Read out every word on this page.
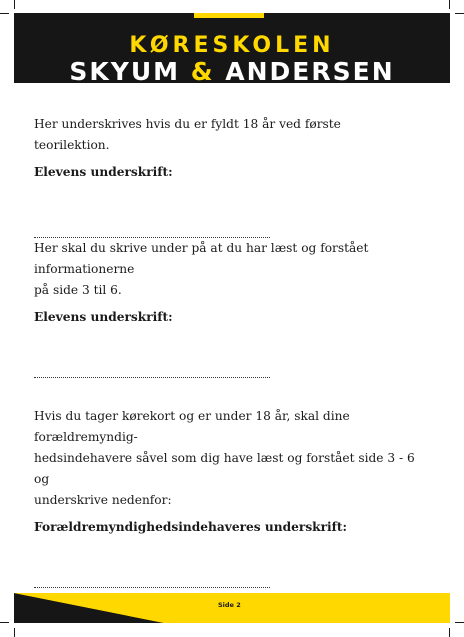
KØRESKOLEN
SKYUM & ANDERSEN

Her underskrives hvis du er fyldt 18 år ved første teorilektion.

Elevens underskrift:

Her skal du skrive under på at du har læst og forstået informationerne

på side 3 til 6.

Elevens underskrift:

Hvis du tager kørekort og er under 18 år, skal dine forældremyndig-

hedsindehavere såvel som dig have læst og forstået side 3 - 6 og

underskrive nedenfor:

Forældremyndighedsindehaveres underskrift:

Side 2
